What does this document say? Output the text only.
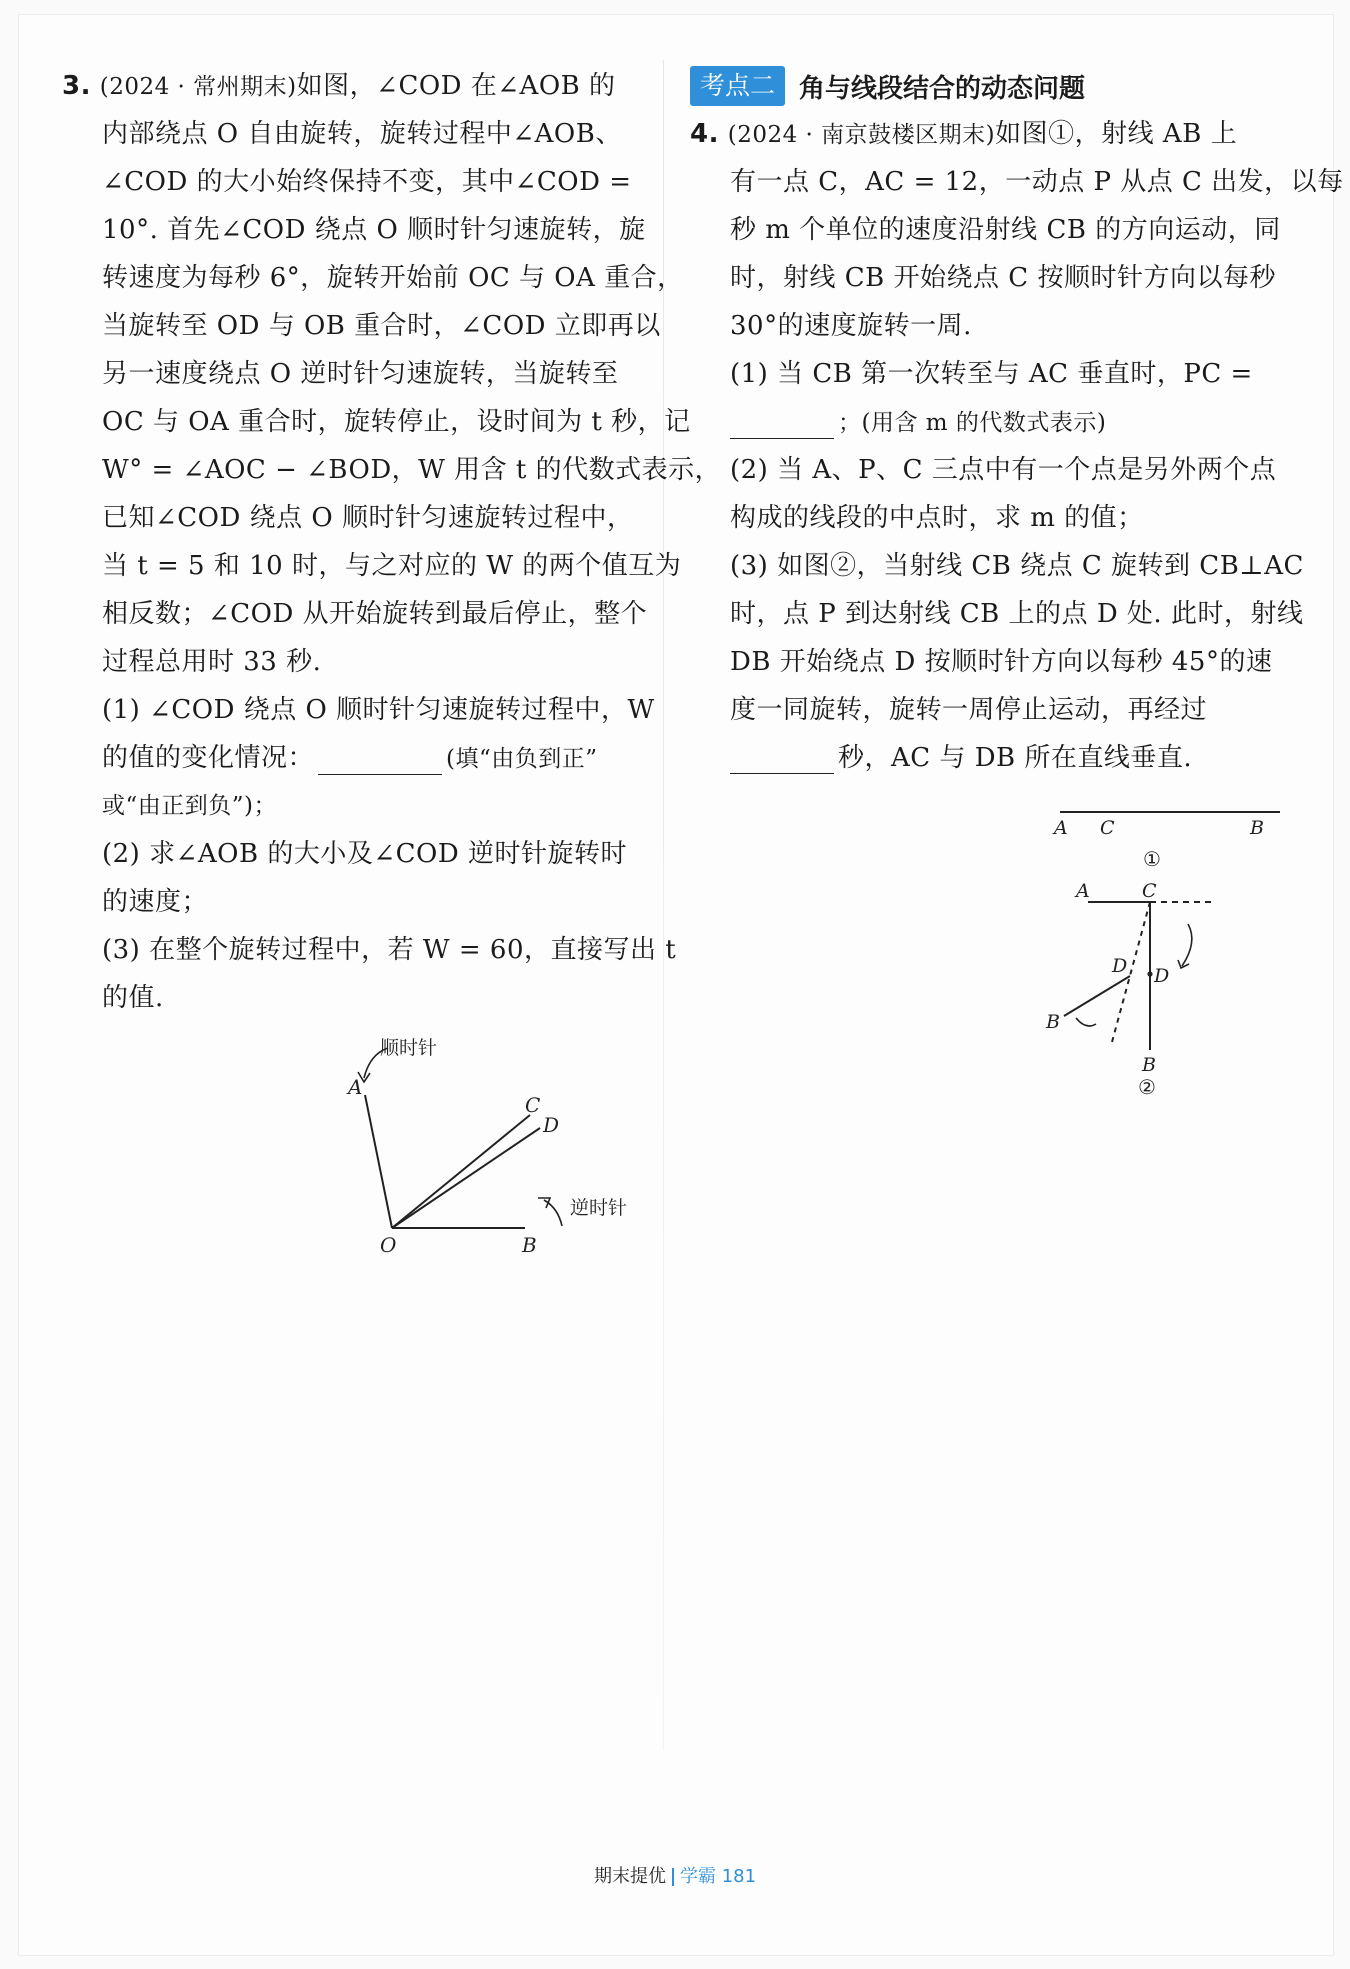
3. (2024 · 常州期末)如图，∠COD 在∠AOB 的
内部绕点 O 自由旋转，旋转过程中∠AOB、
∠COD 的大小始终保持不变，其中∠COD =
10°. 首先∠COD 绕点 O 顺时针匀速旋转，旋
转速度为每秒 6°，旋转开始前 OC 与 OA 重合，
当旋转至 OD 与 OB 重合时，∠COD 立即再以
另一速度绕点 O 逆时针匀速旋转，当旋转至
OC 与 OA 重合时，旋转停止，设时间为 t 秒，记
W° = ∠AOC − ∠BOD，W 用含 t 的代数式表示，
已知∠COD 绕点 O 顺时针匀速旋转过程中，
当 t = 5 和 10 时，与之对应的 W 的两个值互为
相反数；∠COD 从开始旋转到最后停止，整个
过程总用时 33 秒.
(1) ∠COD 绕点 O 顺时针匀速旋转过程中，W
的值的变化情况：	(填“由负到正”
或“由正到负”)；
(2) 求∠AOB 的大小及∠COD 逆时针旋转时
的速度；
(3) 在整个旋转过程中，若 W = 60，直接写出 t
的值.
A
C
D
O	B
顺时针
逆时针
考点二 角与线段结合的动态问题
4. (2024 · 南京鼓楼区期末)如图①，射线 AB 上
有一点 C，AC = 12，一动点 P 从点 C 出发，以每
秒 m 个单位的速度沿射线 CB 的方向运动，同
时，射线 CB 开始绕点 C 按顺时针方向以每秒
30°的速度旋转一周.
(1) 当 CB 第一次转至与 AC 垂直时，PC =
；(用含 m 的代数式表示)
(2) 当 A、P、C 三点中有一个点是另外两个点
构成的线段的中点时，求 m 的值；
(3) 如图②，当射线 CB 绕点 C 旋转到 CB⊥AC
时，点 P 到达射线 CB 上的点 D 处. 此时，射线
DB 开始绕点 D 按顺时针方向以每秒 45°的速
度一同旋转，旋转一周停止运动，再经过
秒，AC 与 DB 所在直线垂直.
A C	B
①
A	C
D D
B
B
②
期末提优 学霸 181
